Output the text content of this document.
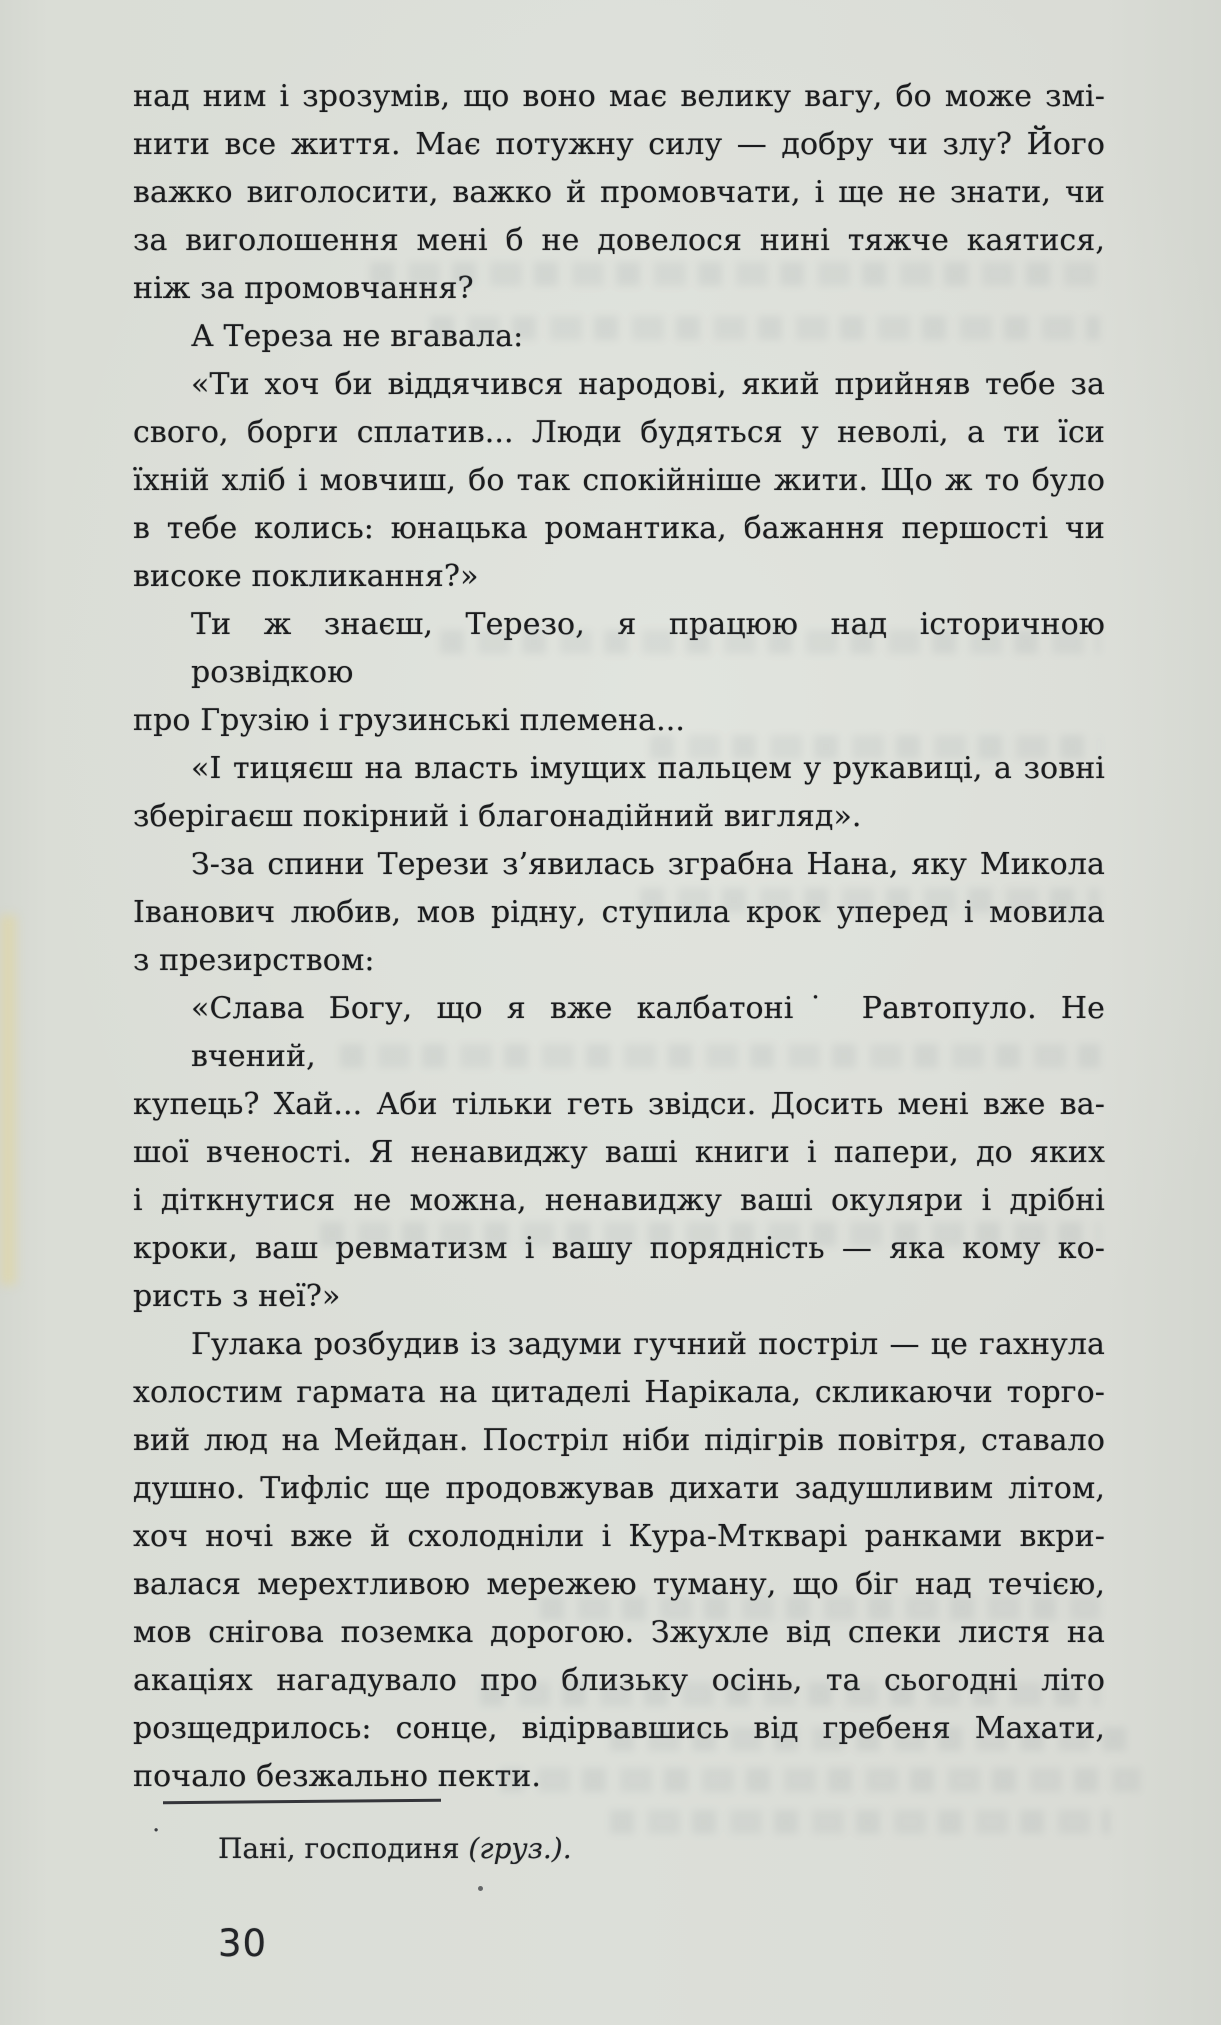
над ним і зрозумів, що воно має велику вагу, бо може змі-
нити все життя. Має потужну силу — добру чи злу? Його
важко виголосити, важко й промовчати, і ще не знати, чи
за виголошення мені б не довелося нині тяжче каятися,
ніж за промовчання?
А Тереза не вгавала:
«Ти хоч би віддячився народові, який прийняв тебе за
свого, борги сплатив... Люди будяться у неволі, а ти їси
їхній хліб і мовчиш, бо так спокійніше жити. Що ж то було
в тебе колись: юнацька романтика, бажання першості чи
високе покликання?»
Ти ж знаєш, Терезо, я працюю над історичною розвідкою
про Грузію і грузинські племена...
«І тицяєш на власть імущих пальцем у рукавиці, а зовні
зберігаєш покірний і благонадійний вигляд».
З-за спини Терези з’явилась зграбна Нана, яку Микола
Іванович любив, мов рідну, ступила крок уперед і мовила
з презирством:
«Слава Богу, що я вже калбатоні˙ Равтопуло. Не вчений,
купець? Хай... Аби тільки геть звідси. Досить мені вже ва-
шої вченості. Я ненавиджу ваші книги і папери, до яких
і діткнутися не можна, ненавиджу ваші окуляри і дрібні
кроки, ваш ревматизм і вашу порядність — яка кому ко-
ристь з неї?»
Гулака розбудив із задуми гучний постріл — це гахнула
холостим гармата на цитаделі Нарікала, скликаючи торго-
вий люд на Мейдан. Постріл ніби підігрів повітря, ставало
душно. Тифліс ще продовжував дихати задушливим літом,
хоч ночі вже й схолодніли і Кура-Мткварі ранками вкри-
валася мерехтливою мережею туману, що біг над течією,
мов снігова поземка дорогою. Зжухле від спеки листя на
акаціях нагадувало про близьку осінь, та сьогодні літо
розщедрилось: сонце, відірвавшись від гребеня Махати,
почало безжально пекти.
·
Пані, господиня (груз.).
30
